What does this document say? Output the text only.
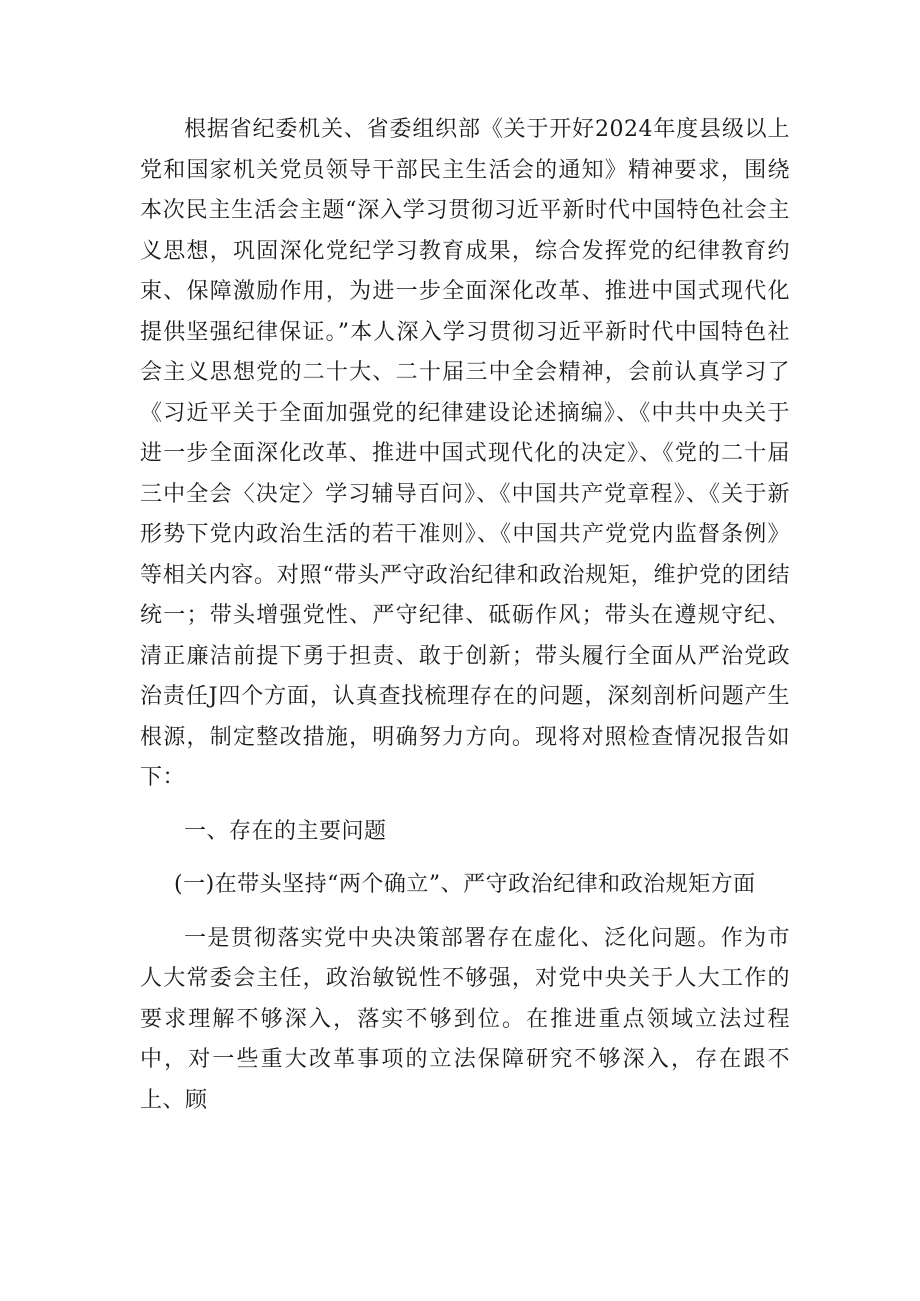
根据省纪委机关、省委组织部《关于开好2024年度县级以上党和国家机关党员领导干部民主生活会的通知》精神要求，围绕本次民主生活会主题“深入学习贯彻习近平新时代中国特色社会主义思想，巩固深化党纪学习教育成果，综合发挥党的纪律教育约束、保障激励作用，为进一步全面深化改革、推进中国式现代化提供坚强纪律保证。”本人深入学习贯彻习近平新时代中国特色社会主义思想党的二十大、二十届三中全会精神，会前认真学习了《习近平关于全面加强党的纪律建设论述摘编》、《中共中央关于进一步全面深化改革、推进中国式现代化的决定》、《党的二十届三中全会〈决定〉学习辅导百问》、《中国共产党章程》、《关于新形势下党内政治生活的若干准则》、《中国共产党党内监督条例》等相关内容。对照“带头严守政治纪律和政治规矩，维护党的团结统一；带头增强党性、严守纪律、砥砺作风；带头在遵规守纪、清正廉洁前提下勇于担责、敢于创新；带头履行全面从严治党政治责任J四个方面，认真查找梳理存在的问题，深刻剖析问题产生根源，制定整改措施，明确努力方向。现将对照检查情况报告如下：

一、存在的主要问题

(一)在带头坚持“两个确立”、严守政治纪律和政治规矩方面

一是贯彻落实党中央决策部署存在虚化、泛化问题。作为市人大常委会主任，政治敏锐性不够强，对党中央关于人大工作的要求理解不够深入，落实不够到位。在推进重点领域立法过程中，对一些重大改革事项的立法保障研究不够深入，存在跟不上、顾
